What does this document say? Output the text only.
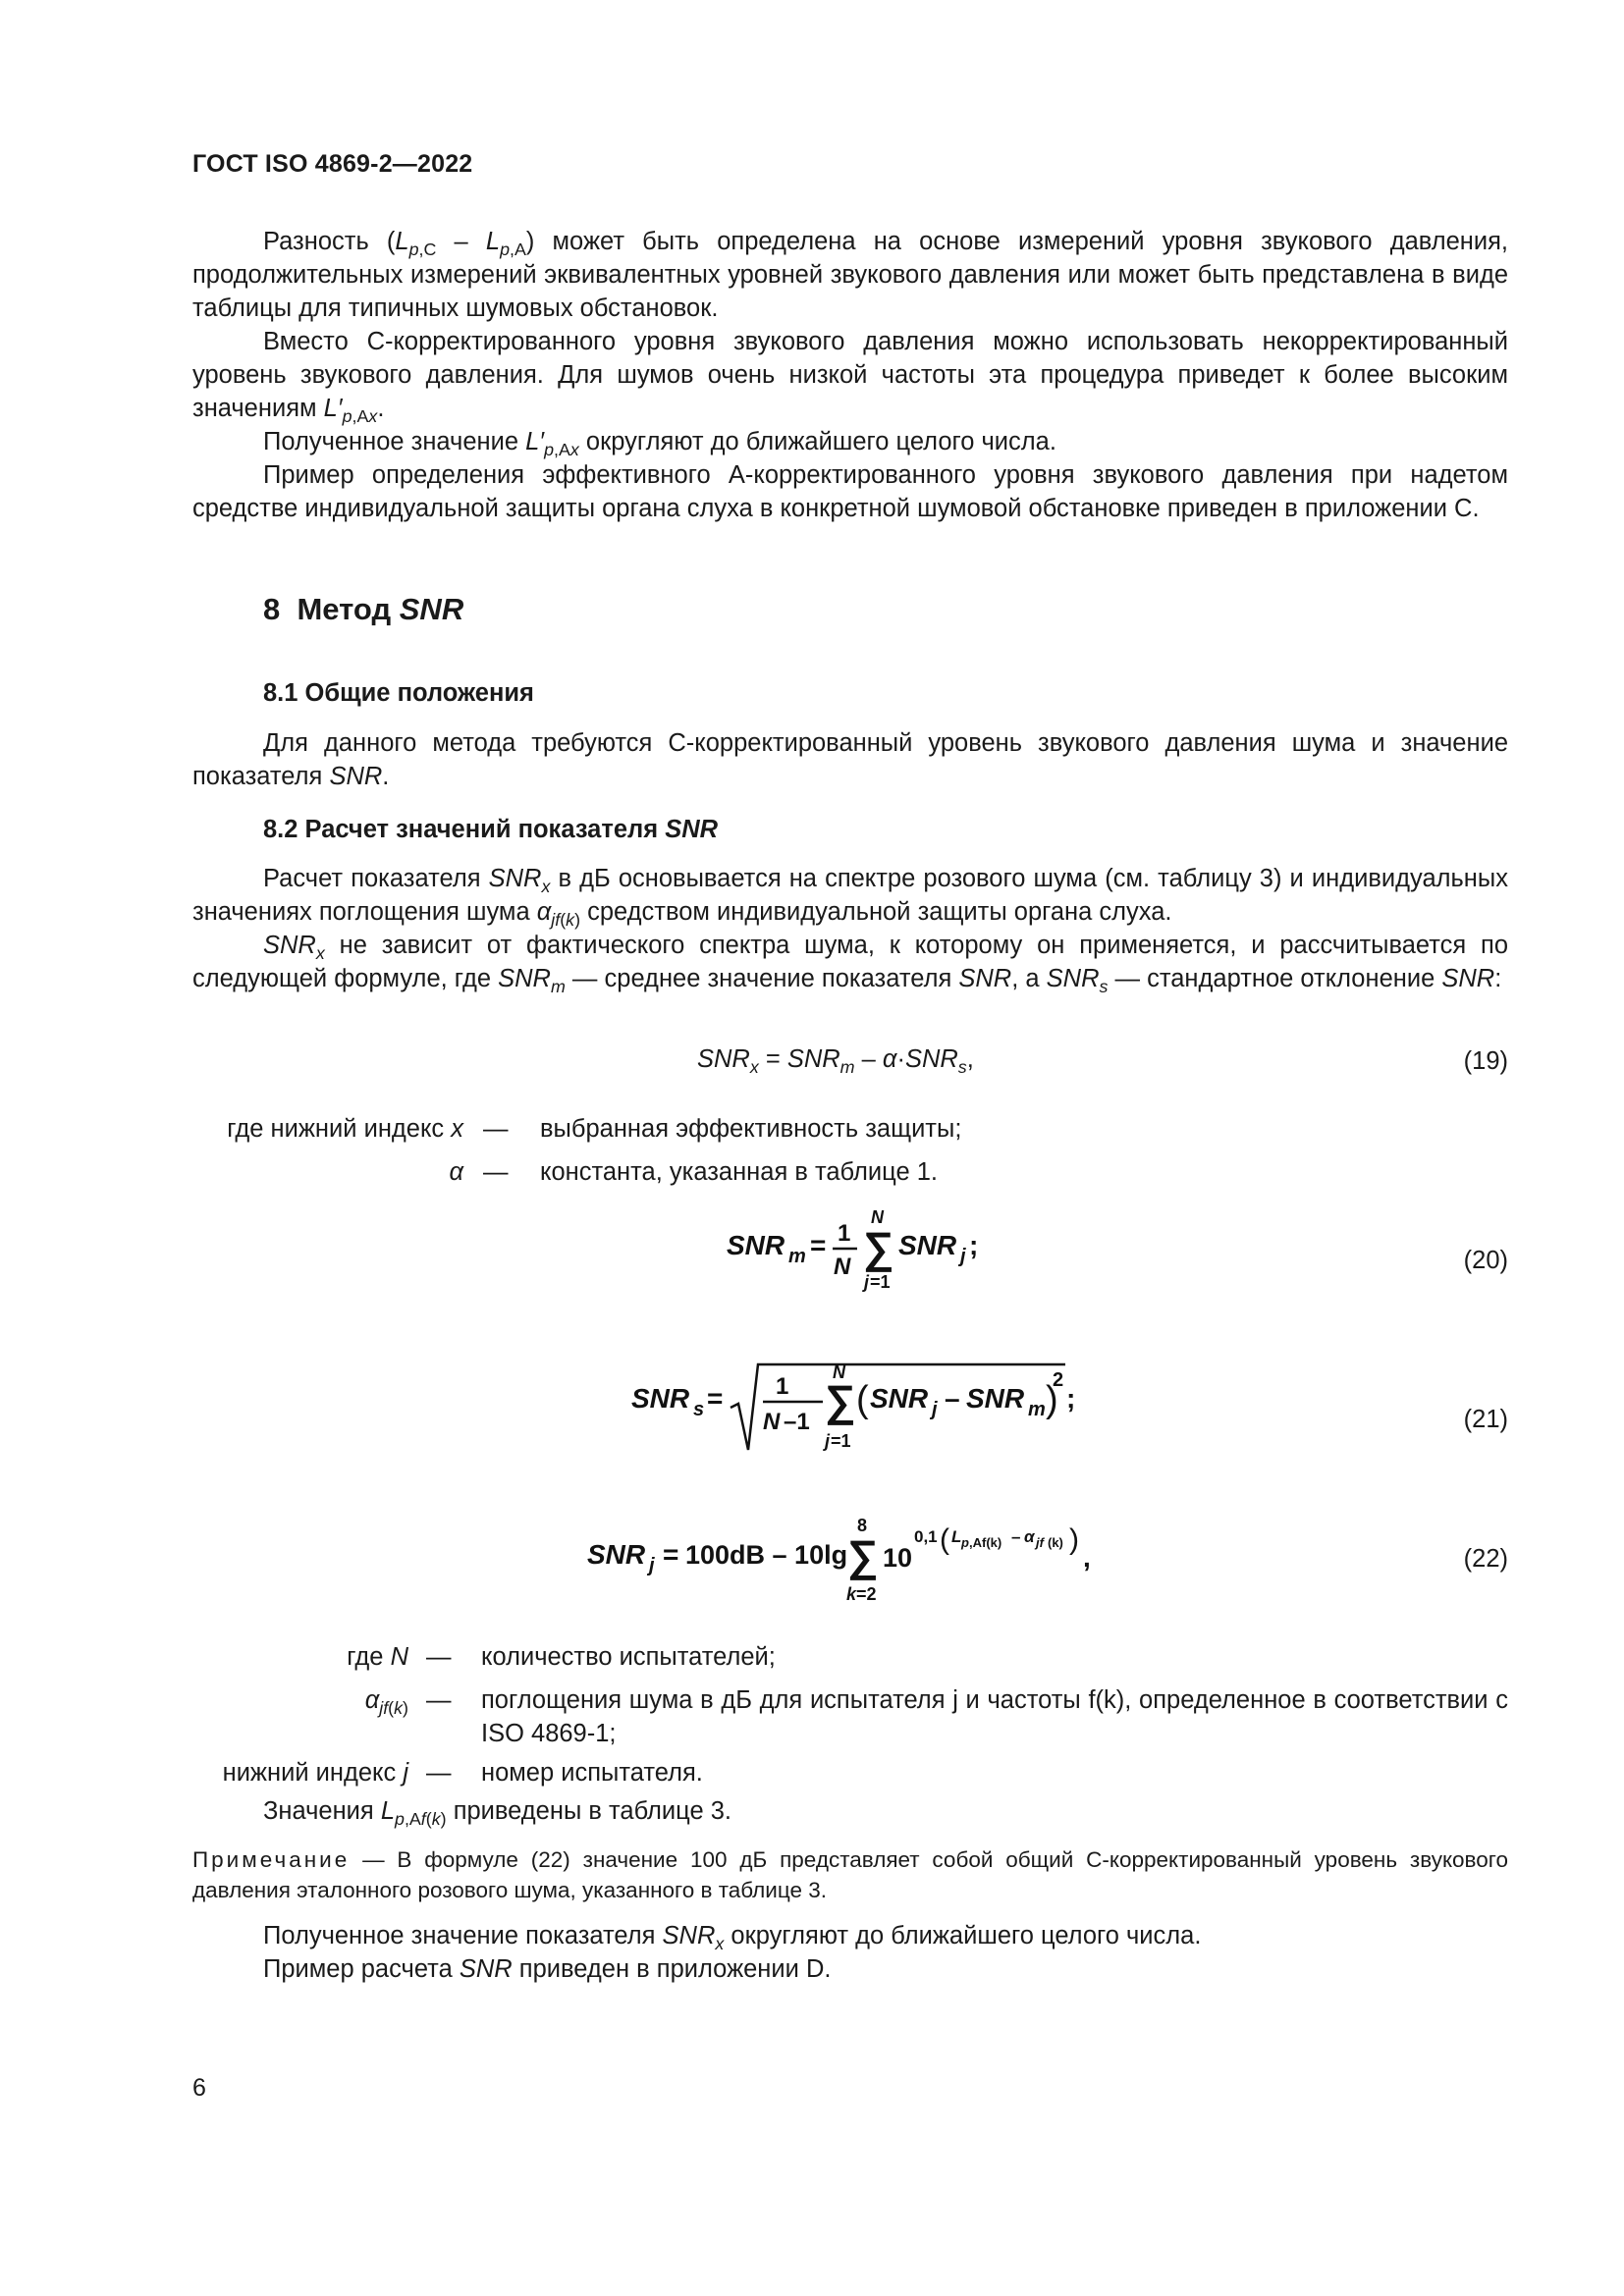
ГОСТ ISO 4869-2—2022

Разность $(L_{p,C} - L_{p,A})$ может быть определена на основе измерений уровня звукового давления, продолжительных измерений эквивалентных уровней звукового давления или может быть представлена в виде таблицы для типичных шумовых обстановок.

Вместо C-корректированного уровня звукового давления можно использовать некорректированный уровень звукового давления. Для шумов очень низкой частоты эта процедура приведет к более высоким значениям $L'_{p,Ax}$.

Полученное значение $L'_{p,Ax}$ округляют до ближайшего целого числа.

Пример определения эффективного A-корректированного уровня звукового давления при надетом средстве индивидуальной защиты органа слуха в конкретной шумовой обстановке приведен в приложении C.

8 Метод SNR
8.1 Общие положения

Для данного метода требуются C-корректированный уровень звукового давления шума и значение показателя SNR.

8.2 Расчет значений показателя SNR

Расчет показателя $SNR_x$ в дБ основывается на спектре розового шума (см. таблицу 3) и индивидуальных значениях поглощения шума $\alpha_{jf(k)}$ средством индивидуальной защиты органа слуха.

$SNR_x$ не зависит от фактического спектра шума, к которому он применяется, и рассчитывается по следующей формуле, где $SNR_m$ — среднее значение показателя SNR, а $SNR_s$ — стандартное отклонение SNR:

$SNR_x = SNR_m - \alpha\cdot SNR_s$,	(19)
где нижний индекс x — выбранная эффективность защиты;
α — константа, указанная в таблице 1.
SNR m = 1
N ∑
N
j =1
SNR j ;	(20)
SNR s = 1
N –1 ∑
N
j =1
( SNR j – SNR m )
2
;
(21)
SNR j = 100dB – 10lg ∑
8
k =2
10
0,1 ( L p ,Af(k) – α jf (k) )
,	(22)
где N — количество испытателей;
$\alpha_{jf(k)}$ — поглощения шума в дБ для испытателя j и частоты f(k), определенное в соответствии с ISO 4869-1;
нижний индекс j — номер испытателя.

Значения $L_{p,Af(k)}$ приведены в таблице 3.

Примечание — В формуле (22) значение 100 дБ представляет собой общий C-корректированный уровень звукового давления эталонного розового шума, указанного в таблице 3.

Полученное значение показателя $SNR_x$ округляют до ближайшего целого числа.

Пример расчета SNR приведен в приложении D.

6
